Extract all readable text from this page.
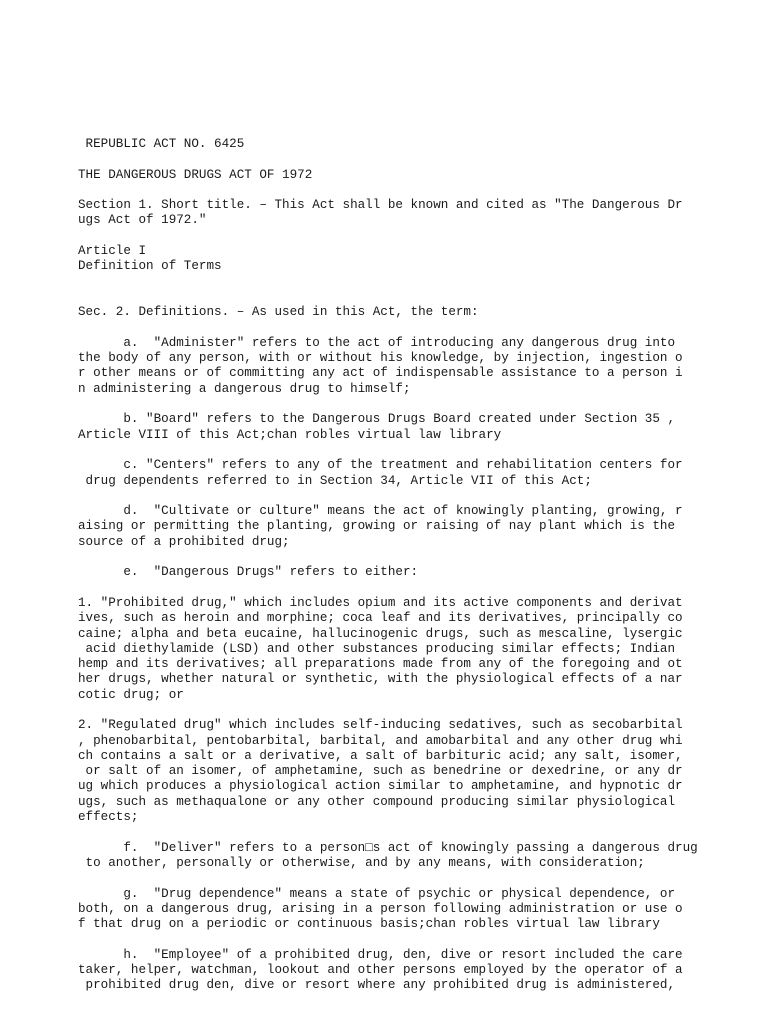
REPUBLIC ACT NO. 6425
THE DANGEROUS DRUGS ACT OF 1972
Section 1. Short title. – This Act shall be known and cited as "The Dangerous Dr
ugs Act of 1972."
Article I
Definition of Terms
Sec. 2. Definitions. – As used in this Act, the term:
a.  "Administer" refers to the act of introducing any dangerous drug into
the body of any person, with or without his knowledge, by injection, ingestion o
r other means or of committing any act of indispensable assistance to a person i
n administering a dangerous drug to himself;
b. "Board" refers to the Dangerous Drugs Board created under Section 35 ,
Article VIII of this Act;chan robles virtual law library
c. "Centers" refers to any of the treatment and rehabilitation centers for
drug dependents referred to in Section 34, Article VII of this Act;
d.  "Cultivate or culture" means the act of knowingly planting, growing, r
aising or permitting the planting, growing or raising of nay plant which is the
source of a prohibited drug;
e.  "Dangerous Drugs" refers to either:
1. "Prohibited drug," which includes opium and its active components and derivat
ives, such as heroin and morphine; coca leaf and its derivatives, principally co
caine; alpha and beta eucaine, hallucinogenic drugs, such as mescaline, lysergic
acid diethylamide (LSD) and other substances producing similar effects; Indian
hemp and its derivatives; all preparations made from any of the foregoing and ot
her drugs, whether natural or synthetic, with the physiological effects of a nar
cotic drug; or
2. "Regulated drug" which includes self-inducing sedatives, such as secobarbital
, phenobarbital, pentobarbital, barbital, and amobarbital and any other drug whi
ch contains a salt or a derivative, a salt of barbituric acid; any salt, isomer,
or salt of an isomer, of amphetamine, such as benedrine or dexedrine, or any dr
ug which produces a physiological action similar to amphetamine, and hypnotic dr
ugs, such as methaqualone or any other compound producing similar physiological
effects;
f.  "Deliver" refers to a person□s act of knowingly passing a dangerous drug
to another, personally or otherwise, and by any means, with consideration;
g.  "Drug dependence" means a state of psychic or physical dependence, or
both, on a dangerous drug, arising in a person following administration or use o
f that drug on a periodic or continuous basis;chan robles virtual law library
h.  "Employee" of a prohibited drug, den, dive or resort included the care
taker, helper, watchman, lookout and other persons employed by the operator of a
prohibited drug den, dive or resort where any prohibited drug is administered,
